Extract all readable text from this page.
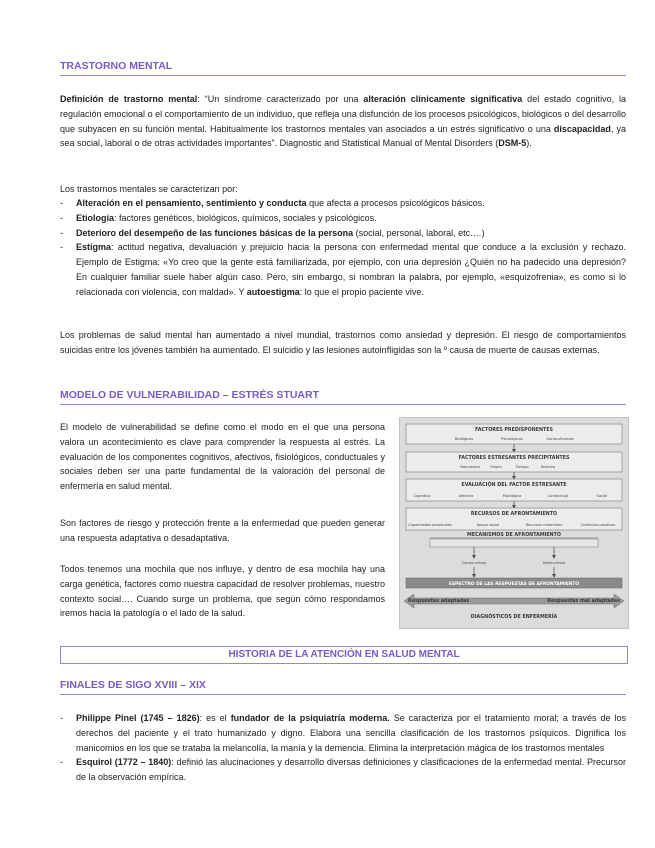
TRASTORNO MENTAL

Definición de trastorno mental: “Un síndrome caracterizado por una alteración clínicamente significativa del estado cognitivo, la regulación emocional o el comportamiento de un individuo, que refleja una disfunción de los procesos psicológicos, biológicos o del desarrollo que subyacen en su función mental. Habitualmente los trastornos mentales van asociados a un estrés significativo o una discapacidad, ya sea social, laboral o de otras actividades importantes”. Diagnostic and Statistical Manual of Mental Disorders (DSM-5).

Los trastornos mentales se caracterizan por:

- Alteración en el pensamiento, sentimiento y conducta que afecta a procesos psicológicos básicos.
- Etiología: factores genéticos, biológicos, químicos, sociales y psicológicos.
- Deterioro del desempeño de las funciones básicas de la persona (social, personal, laboral, etc.…)
- Estigma: actitud negativa, devaluación y prejuicio hacia la persona con enfermedad mental que conduce a la exclusión y rechazo. Ejemplo de Estigma: «Yo creo que la gente está familiarizada, por ejemplo, con una depresión ¿Quién no ha padecido una depresión? En cualquier familiar suele haber algún caso. Pero, sin embargo, si nombran la palabra, por ejemplo, «esquizofrenia», es como si lo relacionada con violencia, con maldad». Y autoestigma: lo que el propio paciente vive.

Los problemas de salud mental han aumentado a nivel mundial, trastornos como ansiedad y depresión. El riesgo de comportamientos suicidas entre los jóvenes también ha aumentado. El suicidio y las lesiones autoinfligidas son la º causa de muerte de causas externas.

MODELO DE VULNERABILIDAD – ESTRÉS STUART

El modelo de vulnerabilidad se define como el modo en el que una persona valora un acontecimiento es clave para comprender la respuesta al estrés. La evaluación de los componentes cognitivos, afectivos, fisiológicos, conductuales y sociales deben ser una parte fundamental de la valoración del personal de enfermería en salud mental.

Son factores de riesgo y protección frente a la enfermedad que pueden generar una respuesta adaptativa o desadaptativa.

Todos tenemos una mochila que nos influye, y dentro de esa mochila hay una carga genética, factores como nuestra capacidad de resolver problemas, nuestro contexto social…. Cuando surge un problema, que según cómo respondamos iremos hacia la patología o el lado de la salud.

FACTORES PREDISPONENTES
Biológicos	Psicológicos	Socioculturales
FACTORES ESTRESANTES PRECIPITANTES
Naturaleza	Origen	Tiempo	Número
EVALUACIÓN DEL FACTOR ESTRESANTE
Cognitiva	Afectiva	Fisiológica	Conductual	Social
RECURSOS DE AFRONTAMIENTO
Capacidades personales	Apoyo social	Recursos materiales	Creencias positivas
MECANISMOS DE AFRONTAMIENTO
Constructivos	Destructivos
ESPECTRO DE LAS RESPUESTAS DE AFRONTAMIENTO
Respuestas adaptadas	Respuestas mal adaptadas
DIAGNÓSTICOS DE ENFERMERÍA
HISTORIA DE LA ATENCIÓN EN SALUD MENTAL
FINALES DE SIGO XVIII – XIX
- Philippe Pinel (1745 – 1826): es el fundador de la psiquiatría moderna. Se caracteriza por el tratamiento moral; a través de los derechos del paciente y el trato humanizado y digno. Elabora una sencilla clasificación de los trastornos psíquicos. Dignifica los manicomios en los que se trataba la melancolía, la manía y la demencia. Elimina la interpretación mágica de los trastornos mentales
- Esquirol (1772 – 1840): definió las alucinaciones y desarrollo diversas definiciones y clasificaciones de la enfermedad mental. Precursor de la observación empírica.
